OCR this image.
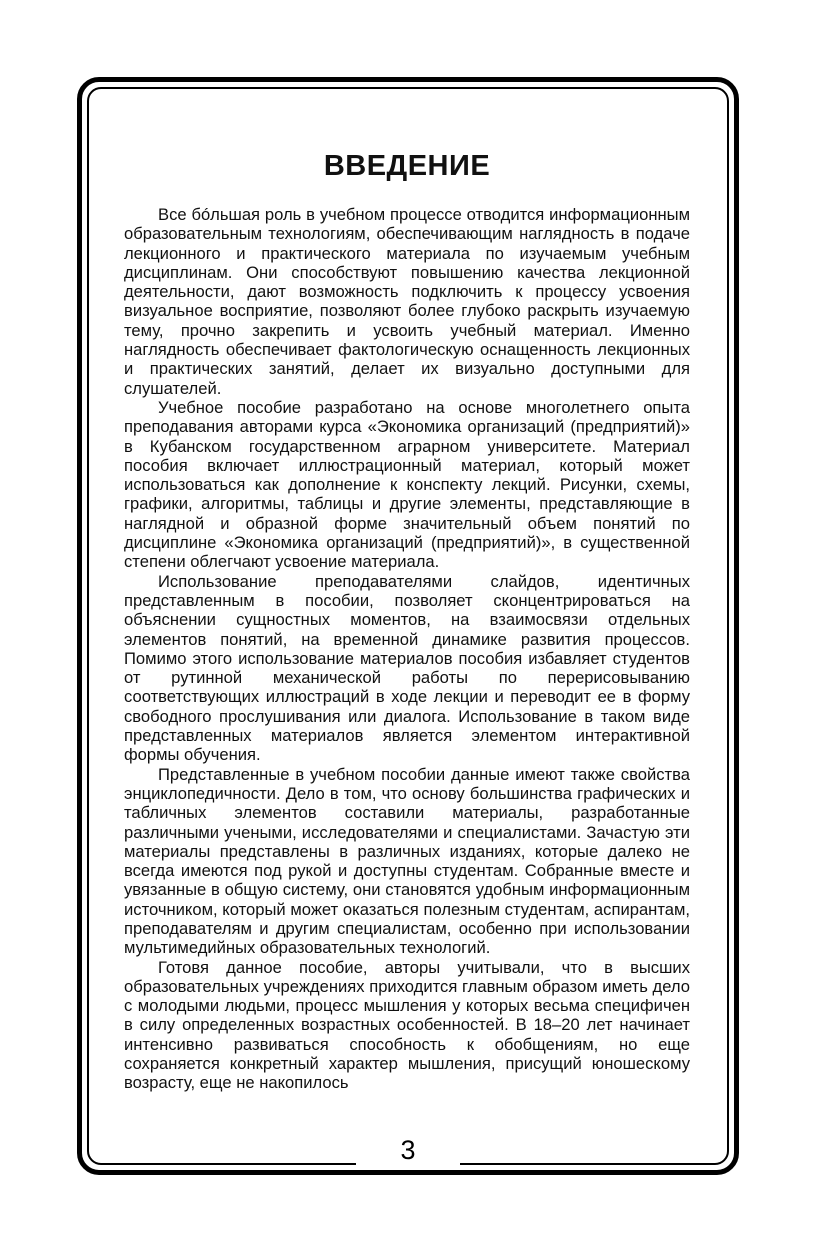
ВВЕДЕНИЕ

Все бóльшая роль в учебном процессе отводится информационным образовательным технологиям, обеспечивающим наглядность в подаче лекционного и практического материала по изучаемым учебным дисциплинам. Они способствуют повышению качества лекционной деятельности, дают возможность подключить к процессу усвоения визуальное восприятие, позволяют более глубоко раскрыть изучаемую тему, прочно закрепить и усвоить учебный материал. Именно наглядность обеспечивает фактологическую оснащенность лекционных и практических занятий, делает их визуально доступными для слушателей.

Учебное пособие разработано на основе многолетнего опыта преподавания авторами курса «Экономика организаций (предприятий)» в Кубанском государственном аграрном университете. Материал пособия включает иллюстрационный материал, который может использоваться как дополнение к конспекту лекций. Рисунки, схемы, графики, алгоритмы, таблицы и другие элементы, представляющие в наглядной и образной форме значительный объем понятий по дисциплине «Экономика организаций (предприятий)», в существенной степени облегчают усвоение материала.

Использование преподавателями слайдов, идентичных представленным в пособии, позволяет сконцентрироваться на объяснении сущностных моментов, на взаимосвязи отдельных элементов понятий, на временной динамике развития процессов. Помимо этого использование материалов пособия избавляет студентов от рутинной механической работы по перерисовыванию соответствующих иллюстраций в ходе лекции и переводит ее в форму свободного прослушивания или диалога. Использование в таком виде представленных материалов является элементом интерактивной формы обучения.

Представленные в учебном пособии данные имеют также свойства энциклопедичности. Дело в том, что основу большинства графических и табличных элементов составили материалы, разработанные различными учеными, исследователями и специалистами. Зачастую эти материалы представлены в различных изданиях, которые далеко не всегда имеются под рукой и доступны студентам. Собранные вместе и увязанные в общую систему, они становятся удобным информационным источником, который может оказаться полезным студентам, аспирантам, преподавателям и другим специалистам, особенно при использовании мультимедийных образовательных технологий.

Готовя данное пособие, авторы учитывали, что в высших образовательных учреждениях приходится главным образом иметь дело с молодыми людьми, процесс мышления у которых весьма специфичен в силу определенных возрастных особенностей. В 18–20 лет начинает интенсивно развиваться способность к обобщениям, но еще сохраняется конкретный характер мышления, присущий юношескому возрасту, еще не накопилось

3
